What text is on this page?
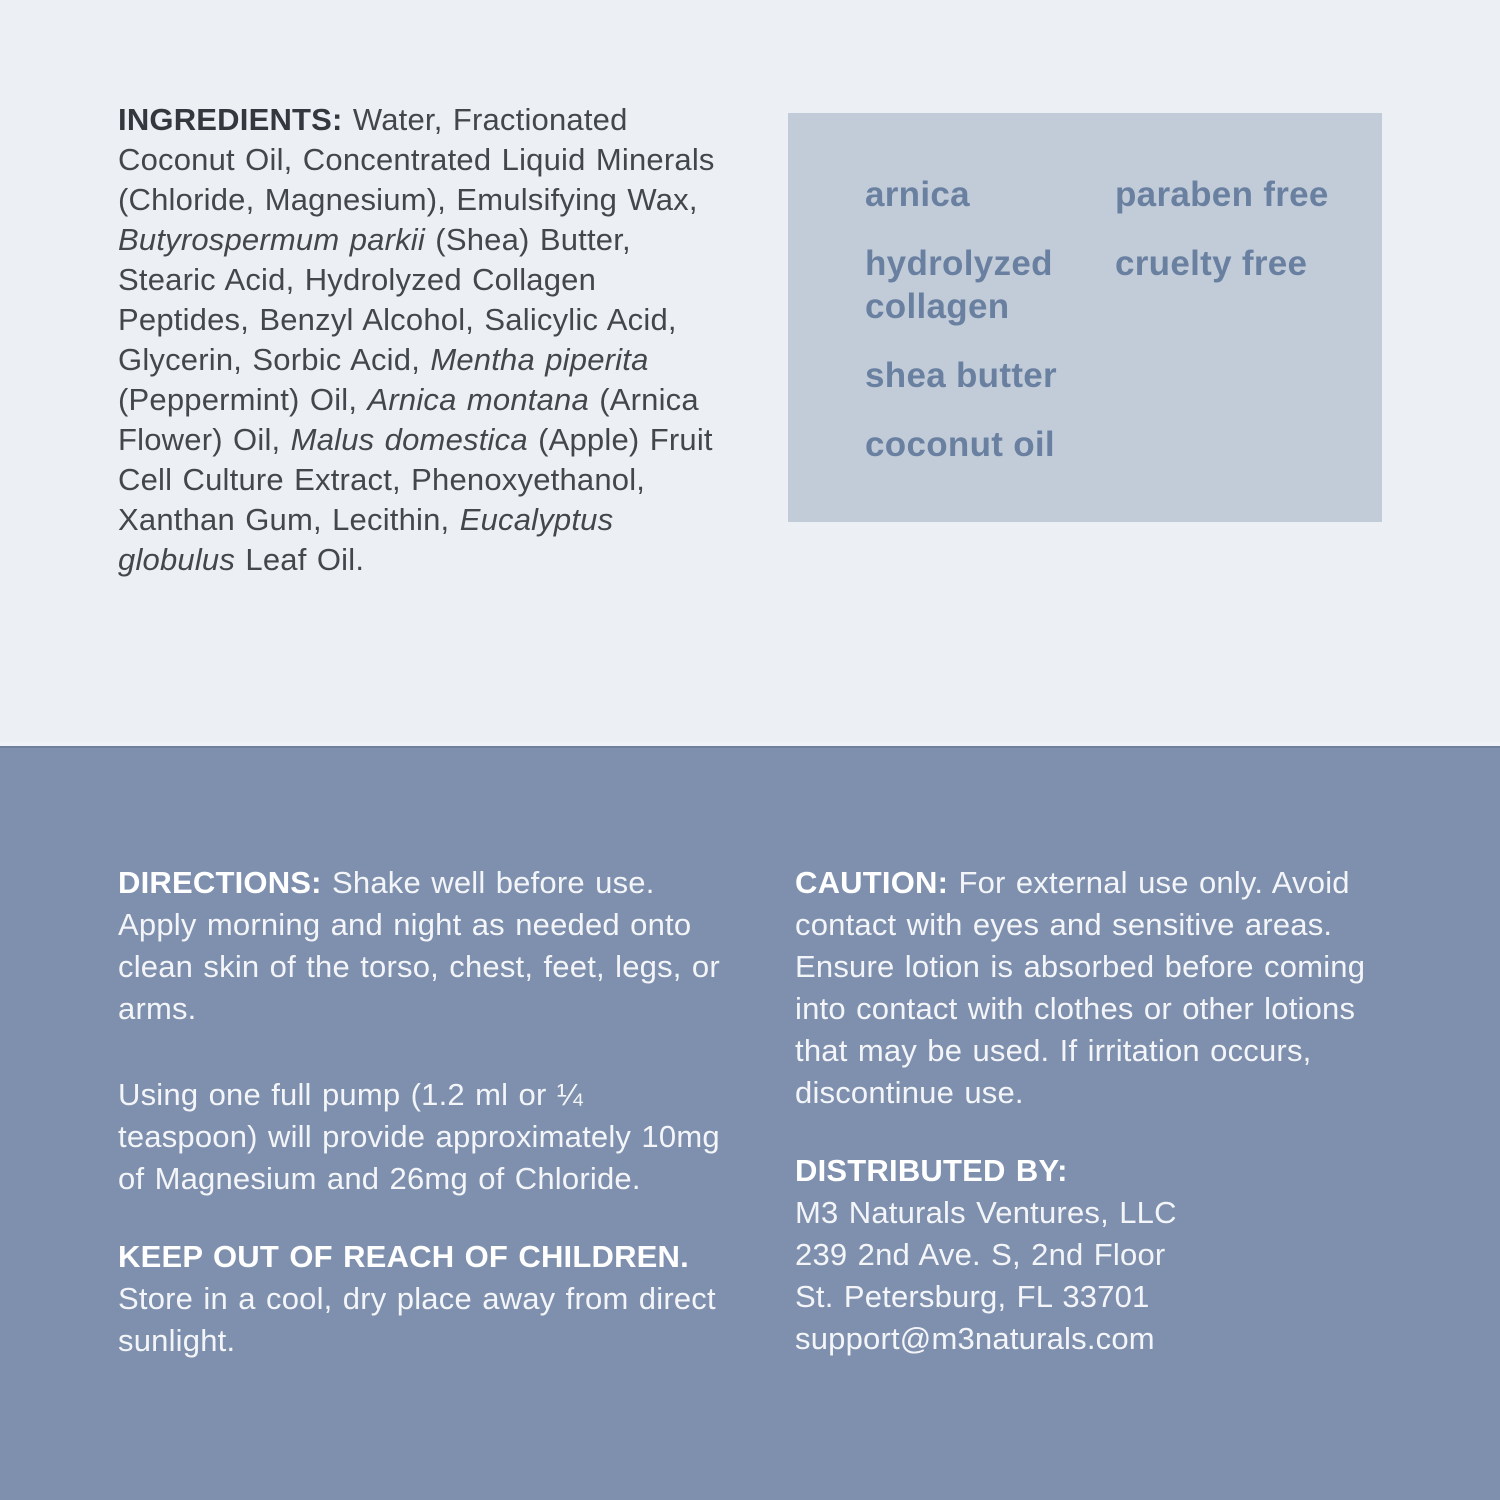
INGREDIENTS: Water, Fractionated Coconut Oil, Concentrated Liquid Minerals (Chloride, Magnesium), Emulsifying Wax, Butyrospermum parkii (Shea) Butter, Stearic Acid, Hydrolyzed Collagen Peptides, Benzyl Alcohol, Salicylic Acid, Glycerin, Sorbic Acid, Mentha piperita (Peppermint) Oil, Arnica montana (Arnica Flower) Oil, Malus domestica (Apple) Fruit Cell Culture Extract, Phenoxyethanol, Xanthan Gum, Lecithin, Eucalyptus globulus Leaf Oil.

arnica
hydrolyzed collagen
shea butter
coconut oil
paraben free
cruelty free

DIRECTIONS: Shake well before use. Apply morning and night as needed onto clean skin of the torso, chest, feet, legs, or arms.

Using one full pump (1.2 ml or ¼ teaspoon) will provide approximately 10mg of Magnesium and 26mg of Chloride.

KEEP OUT OF REACH OF CHILDREN. Store in a cool, dry place away from direct sunlight.

CAUTION: For external use only. Avoid contact with eyes and sensitive areas. Ensure lotion is absorbed before coming into contact with clothes or other lotions that may be used. If irritation occurs, discontinue use.

DISTRIBUTED BY:
M3 Naturals Ventures, LLC
239 2nd Ave. S, 2nd Floor
St. Petersburg, FL 33701
support@m3naturals.com
